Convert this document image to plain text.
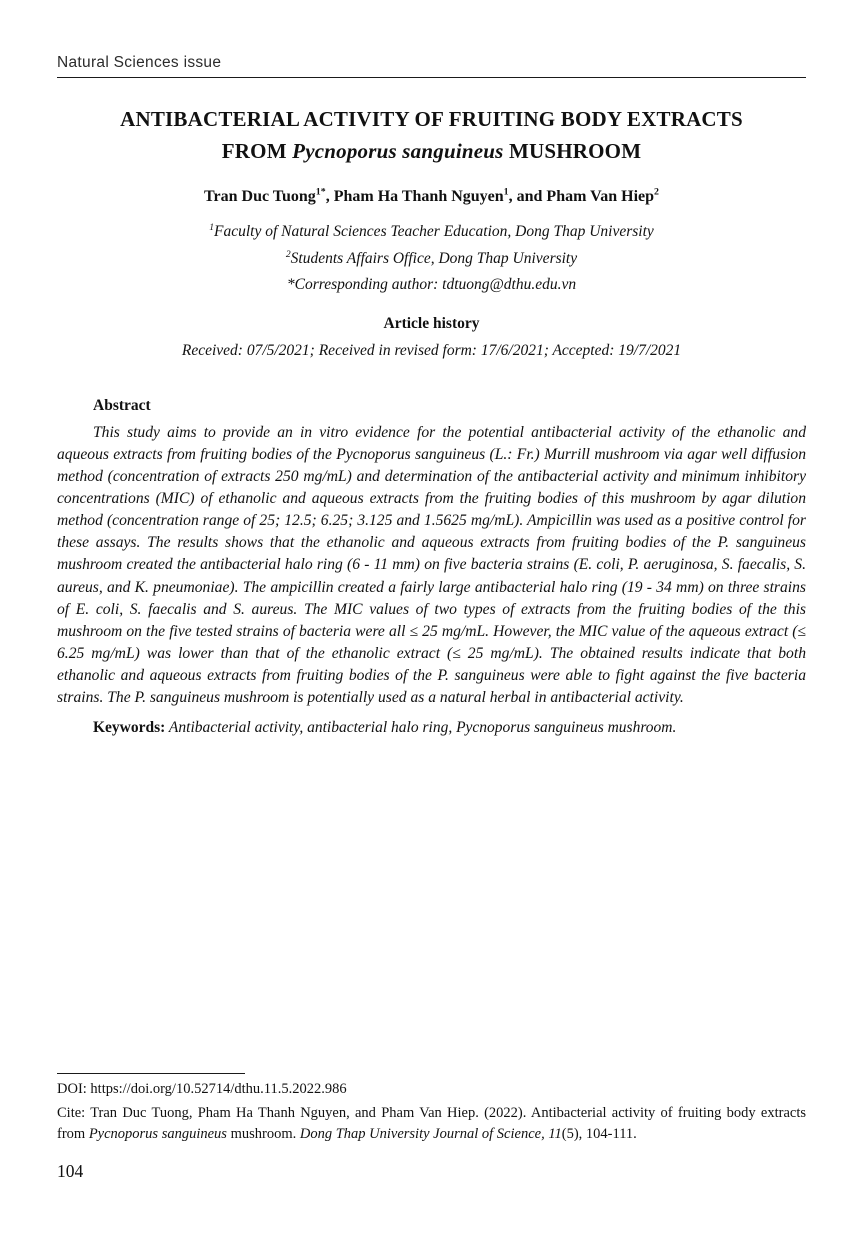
Natural Sciences issue
ANTIBACTERIAL ACTIVITY OF FRUITING BODY EXTRACTS
FROM Pycnoporus sanguineus MUSHROOM

Tran Duc Tuong$^{1*}$, Pham Ha Thanh Nguyen$^1$, and Pham Van Hiep$^2$

$^1$Faculty of Natural Sciences Teacher Education, Dong Thap University

$^2$Students Affairs Office, Dong Thap University

*Corresponding author: tdtuong@dthu.edu.vn

Article history

Received: 07/5/2021; Received in revised form: 17/6/2021; Accepted: 19/7/2021

Abstract

This study aims to provide an in vitro evidence for the potential antibacterial activity of the ethanolic and aqueous extracts from fruiting bodies of the Pycnoporus sanguineus (L.: Fr.) Murrill mushroom via agar well diffusion method (concentration of extracts 250 mg/mL) and determination of the antibacterial activity and minimum inhibitory concentrations (MIC) of ethanolic and aqueous extracts from the fruiting bodies of this mushroom by agar dilution method (concentration range of 25; 12.5; 6.25; 3.125 and 1.5625 mg/mL). Ampicillin was used as a positive control for these assays. The results shows that the ethanolic and aqueous extracts from fruiting bodies of the P. sanguineus mushroom created the antibacterial halo ring (6 - 11 mm) on five bacteria strains (E. coli, P. aeruginosa, S. faecalis, S. aureus, and K. pneumoniae). The ampicillin created a fairly large antibacterial halo ring (19 - 34 mm) on three strains of E. coli, S. faecalis and S. aureus. The MIC values of two types of extracts from the fruiting bodies of the this mushroom on the five tested strains of bacteria were all ≤ 25 mg/mL. However, the MIC value of the aqueous extract (≤ 6.25 mg/mL) was lower than that of the ethanolic extract (≤ 25 mg/mL). The obtained results indicate that both ethanolic and aqueous extracts from fruiting bodies of the P. sanguineus were able to fight against the five bacteria strains. The P. sanguineus mushroom is potentially used as a natural herbal in antibacterial activity.

Keywords: Antibacterial activity, antibacterial halo ring, Pycnoporus sanguineus mushroom.

DOI: https://doi.org/10.52714/dthu.11.5.2022.986

Cite: Tran Duc Tuong, Pham Ha Thanh Nguyen, and Pham Van Hiep. (2022). Antibacterial activity of fruiting body extracts from Pycnoporus sanguineus mushroom. Dong Thap University Journal of Science, 11(5), 104-111.

104
